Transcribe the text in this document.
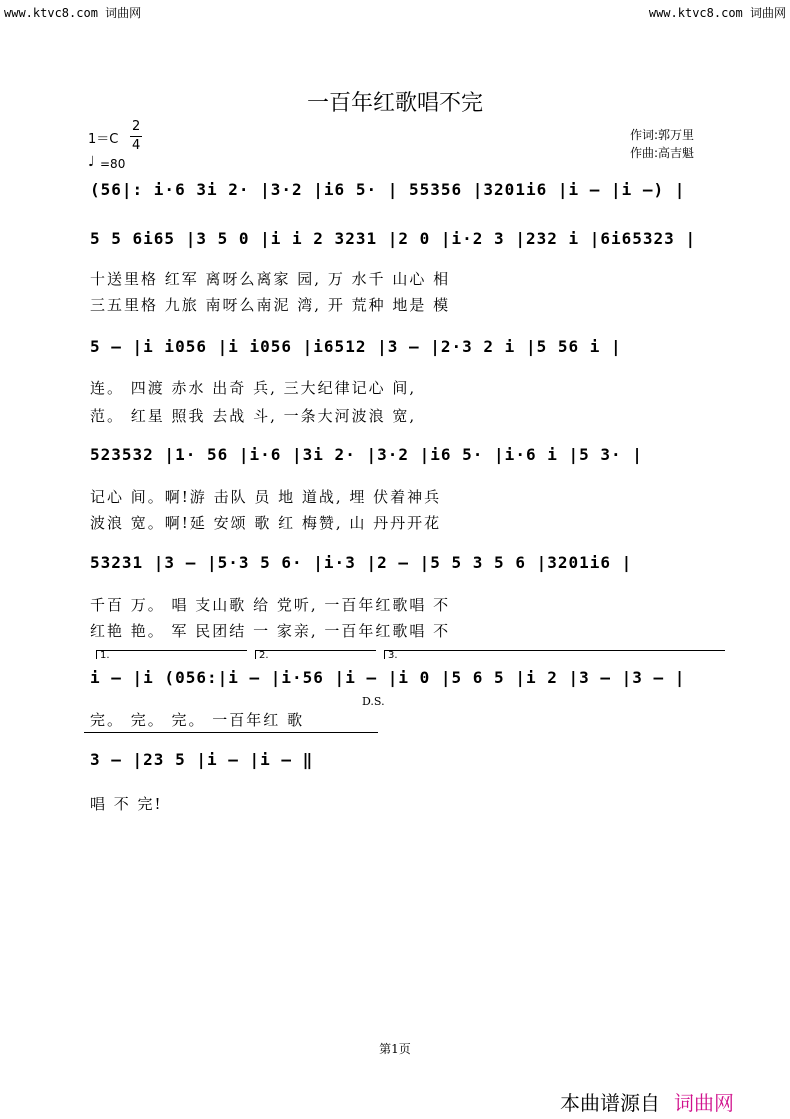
www.ktvc8.com 词曲网	www.ktvc8.com 词曲网
一百年红歌唱不完
1＝C
2
4
♩ =80
作词:郭万里
作曲:高吉魁
(56|: i·6 3i 2· |3·2 |i6 5· | 55356 |3201i6 |i – |i –) |
5 5 6i65 |3 5 0 |i i 2 3231 |2 0 |i·2 3 |232 i |6i65323 |
十送里格 红军 离呀么离家 园, 万 水千 山心 相
三五里格 九旅 南呀么南泥 湾, 开 荒种 地是 模
5 – |i i056 |i i056 |i6512 |3 – |2·3 2 i |5 56 i |
连。 四渡 赤水 出奇 兵, 三大纪律记心 间,
范。 红星 照我 去战 斗, 一条大河波浪 宽,
523532 |1· 56 |i·6 |3i 2· |3·2 |i6 5· |i·6 i |5 3· |
记心 间。啊!游 击队 员 地 道战, 埋 伏着神兵
波浪 宽。啊!延 安颂 歌 红 梅赞, 山 丹丹开花
53231 |3 – |5·3 5 6· |i·3 |2 – |5 5 3 5 6 |3201i6 |
千百 万。 唱 支山歌 给 党听, 一百年红歌唱 不
红艳 艳。 军 民团结 一 家亲, 一百年红歌唱 不
1.	2.	3.
i – |i (056:|i – |i·56 |i – |i 0 |5 6 5 |i 2 |3 – |3 – |
D.S.
完。 完。 完。 一百年红 歌
3 – |23 5 |i – |i – ‖
唱 不 完!
第1页
本曲谱源自 词曲网
